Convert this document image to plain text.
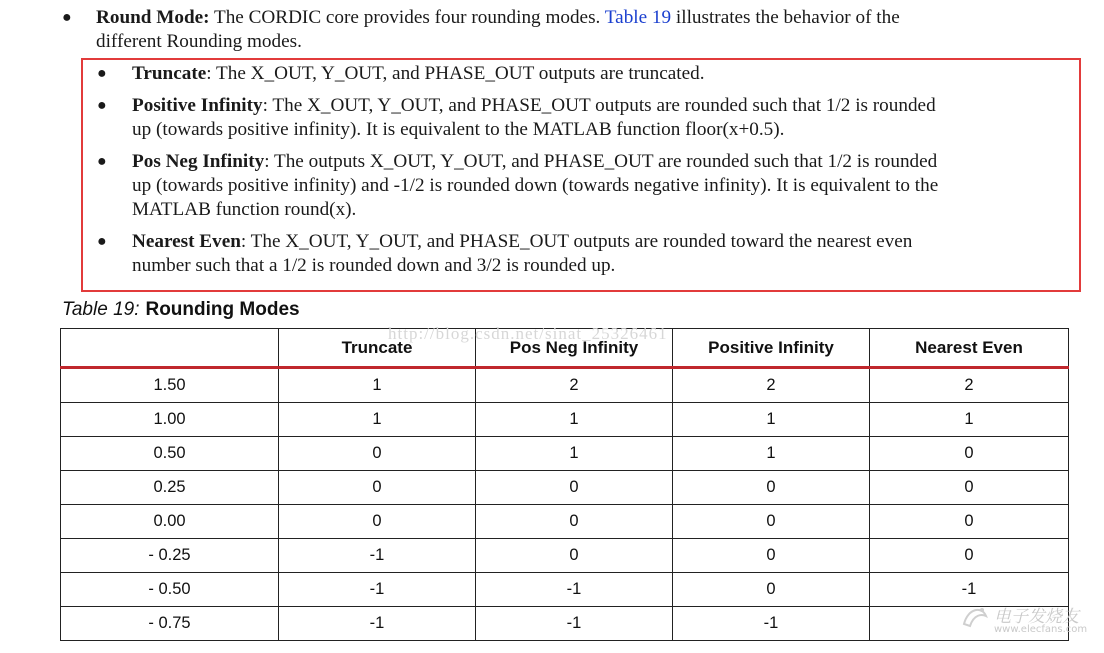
● Round Mode: The CORDIC core provides four rounding modes. Table 19 illustrates the behavior of the
different Rounding modes.
● Truncate: The X_OUT, Y_OUT, and PHASE_OUT outputs are truncated.
● Positive Infinity: The X_OUT, Y_OUT, and PHASE_OUT outputs are rounded such that 1/2 is rounded
up (towards positive infinity). It is equivalent to the MATLAB function floor(x+0.5).
● Pos Neg Infinity: The outputs X_OUT, Y_OUT, and PHASE_OUT are rounded such that 1/2 is rounded
up (towards positive infinity) and -1/2 is rounded down (towards negative infinity). It is equivalent to the
MATLAB function round(x).
● Nearest Even: The X_OUT, Y_OUT, and PHASE_OUT outputs are rounded toward the nearest even
number such that a 1/2 is rounded down and 3/2 is rounded up.
Table 19: Rounding Modes
	Truncate	Pos Neg Infinity	Positive Infinity	Nearest Even
1.50	1	2	2	2
1.00	1	1	1	1
0.50	0	1	1	0
0.25	0	0	0	0
0.00	0	0	0	0
- 0.25	-1	0	0	0
- 0.50	-1	-1	0	-1
- 0.75	-1	-1	-1	
http://blog.csdn.net/sinat_25326461
电子发烧友
www.elecfans.com
